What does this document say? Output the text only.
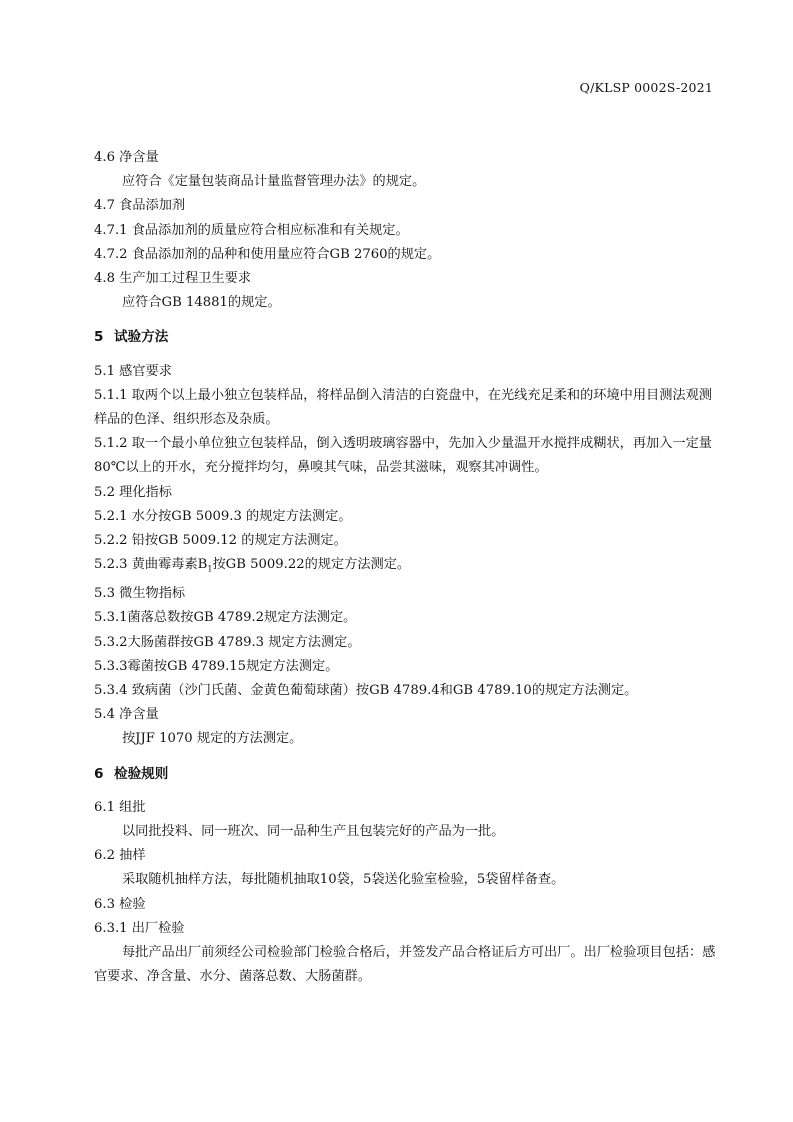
Q/KLSP 0002S-2021

4.6 净含量

应符合《定量包装商品计量监督管理办法》的规定。

4.7 食品添加剂

4.7.1 食品添加剂的质量应符合相应标准和有关规定。

4.7.2 食品添加剂的品种和使用量应符合GB 2760的规定。

4.8 生产加工过程卫生要求

应符合GB 14881的规定。

5 试验方法

5.1 感官要求

5.1.1 取两个以上最小独立包装样品，将样品倒入清洁的白瓷盘中，在光线充足柔和的环境中用目测法观测样品的色泽、组织形态及杂质。

5.1.2 取一个最小单位独立包装样品，倒入透明玻璃容器中，先加入少量温开水搅拌成糊状，再加入一定量80℃以上的开水，充分搅拌均匀，鼻嗅其气味，品尝其滋味，观察其冲调性。

5.2 理化指标

5.2.1 水分按GB 5009.3 的规定方法测定。

5.2.2 铅按GB 5009.12 的规定方法测定。

5.2.3 黄曲霉毒素$B_1$按GB 5009.22的规定方法测定。

5.3 微生物指标

5.3.1菌落总数按GB 4789.2规定方法测定。

5.3.2大肠菌群按GB 4789.3 规定方法测定。

5.3.3霉菌按GB 4789.15规定方法测定。

5.3.4 致病菌（沙门氏菌、金黄色葡萄球菌）按GB 4789.4和GB 4789.10的规定方法测定。

5.4 净含量

按JJF 1070 规定的方法测定。

6 检验规则

6.1 组批

以同批投料、同一班次、同一品种生产且包装完好的产品为一批。

6.2 抽样

采取随机抽样方法，每批随机抽取10袋，5袋送化验室检验，5袋留样备查。

6.3 检验

6.3.1 出厂检验

每批产品出厂前须经公司检验部门检验合格后，并签发产品合格证后方可出厂。出厂检验项目包括：感官要求、净含量、水分、菌落总数、大肠菌群。
